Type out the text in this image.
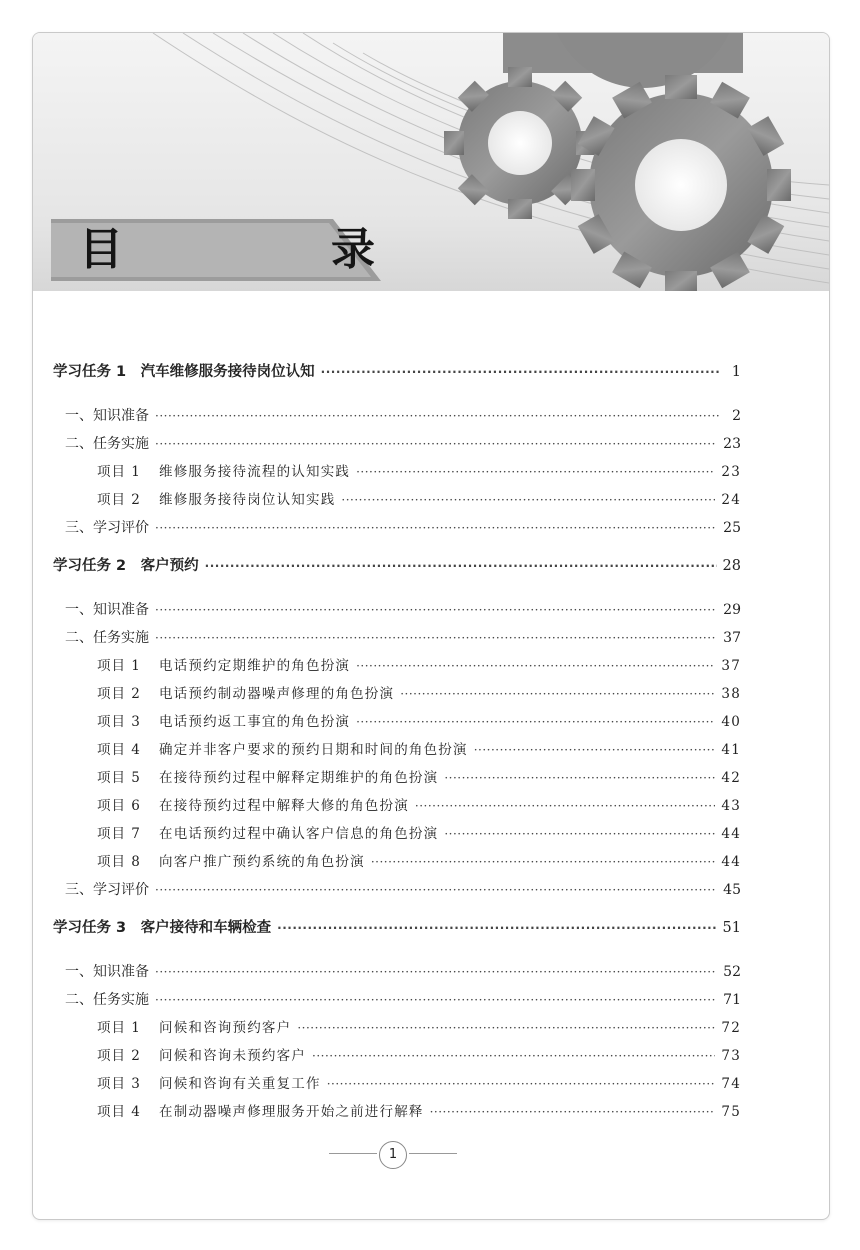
目　录
学习任务 1　汽车维修服务接待岗位认知 ·····	1
一、知识准备 ·····	2
二、任务实施 ·····	23
项目 1 维修服务接待流程的认知实践 ·····	23
项目 2 维修服务接待岗位认知实践 ·····	24
三、学习评价 ·····	25
学习任务 2　客户预约 ·····	28
一、知识准备 ·····	29
二、任务实施 ·····	37
项目 1 电话预约定期维护的角色扮演 ·····	37
项目 2 电话预约制动器噪声修理的角色扮演 ·····	38
项目 3 电话预约返工事宜的角色扮演 ·····	40
项目 4 确定并非客户要求的预约日期和时间的角色扮演 ·····	41
项目 5 在接待预约过程中解释定期维护的角色扮演 ·····	42
项目 6 在接待预约过程中解释大修的角色扮演 ·····	43
项目 7 在电话预约过程中确认客户信息的角色扮演 ·····	44
项目 8 向客户推广预约系统的角色扮演 ·····	44
三、学习评价 ·····	45
学习任务 3　客户接待和车辆检查 ·····	51
一、知识准备 ·····	52
二、任务实施 ·····	71
项目 1 问候和咨询预约客户 ·····	72
项目 2 问候和咨询未预约客户 ·····	73
项目 3 问候和咨询有关重复工作 ·····	74
项目 4 在制动器噪声修理服务开始之前进行解释 ·····	75
1
